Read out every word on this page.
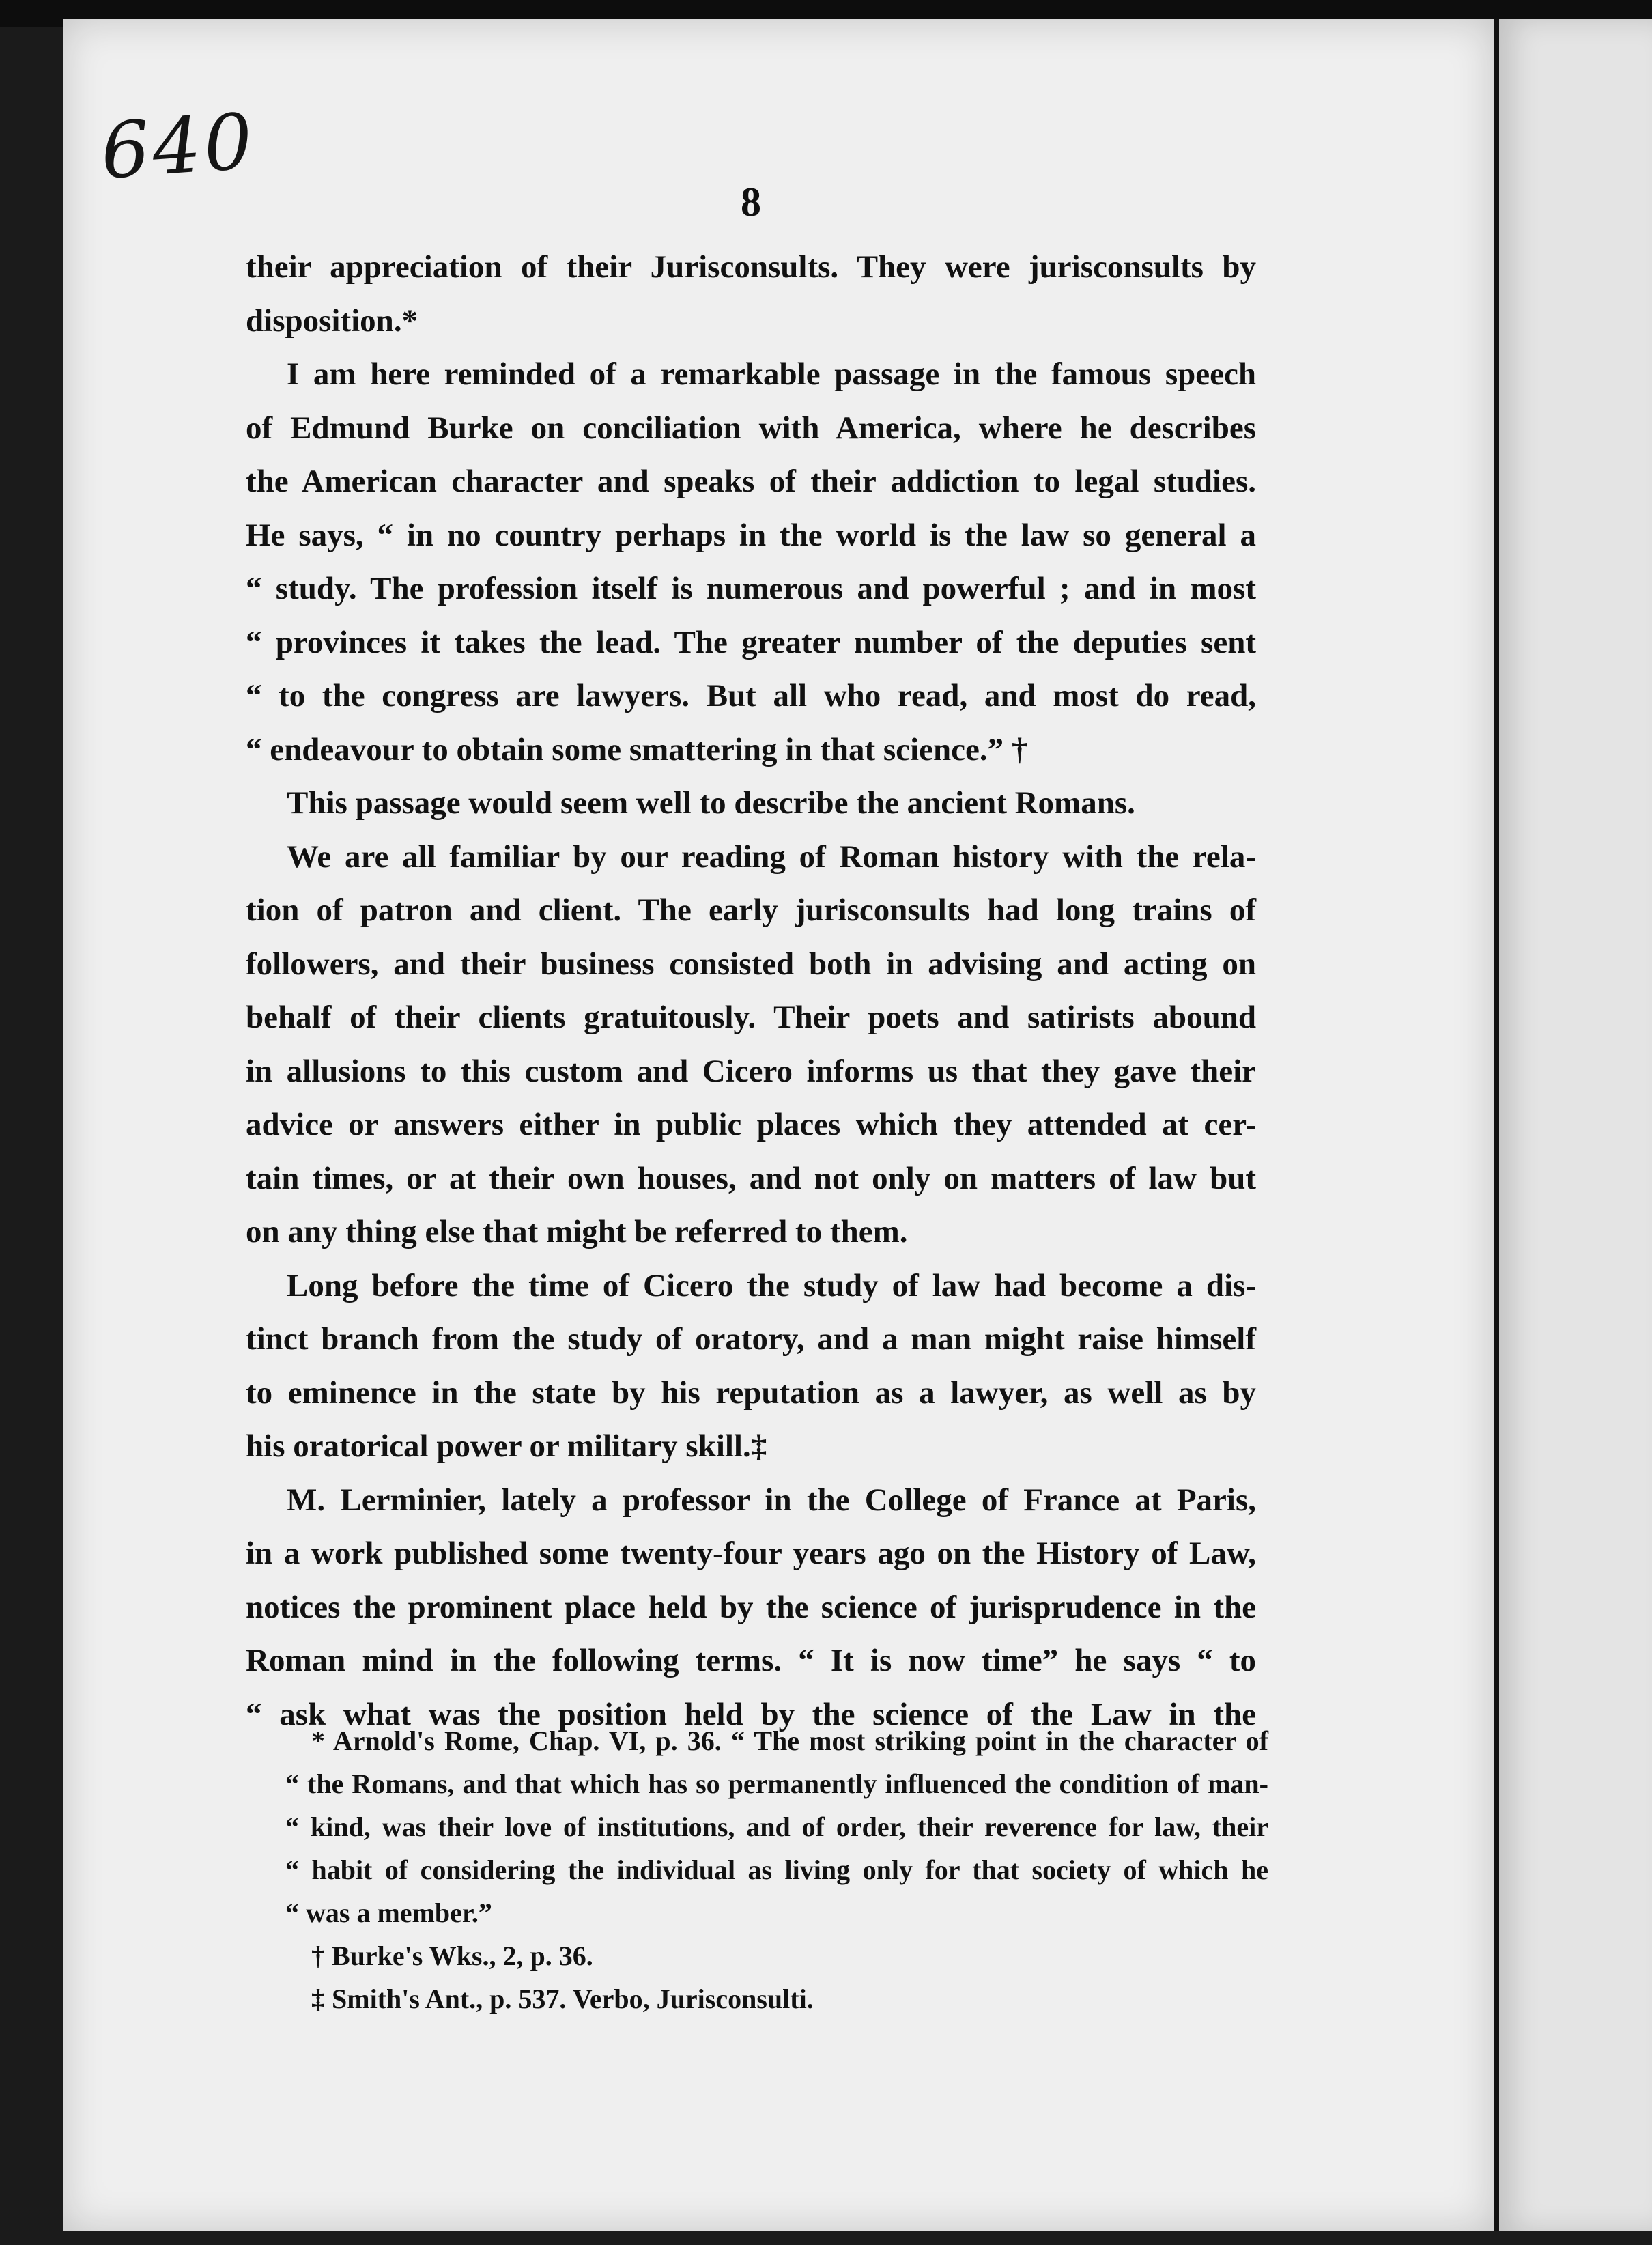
640
8
their appreciation of their Jurisconsults. They were jurisconsults by
disposition.*
I am here reminded of a remarkable passage in the famous speech
of Edmund Burke on conciliation with America, where he describes
the American character and speaks of their addiction to legal studies.
He says, “ in no country perhaps in the world is the law so general a
“ study. The profession itself is numerous and powerful ; and in most
“ provinces it takes the lead. The greater number of the deputies sent
“ to the congress are lawyers. But all who read, and most do read,
“ endeavour to obtain some smattering in that science.” †
This passage would seem well to describe the ancient Romans.
We are all familiar by our reading of Roman history with the rela-
tion of patron and client. The early jurisconsults had long trains of
followers, and their business consisted both in advising and acting on
behalf of their clients gratuitously. Their poets and satirists abound
in allusions to this custom and Cicero informs us that they gave their
advice or answers either in public places which they attended at cer-
tain times, or at their own houses, and not only on matters of law but
on any thing else that might be referred to them.
Long before the time of Cicero the study of law had become a dis-
tinct branch from the study of oratory, and a man might raise himself
to eminence in the state by his reputation as a lawyer, as well as by
his oratorical power or military skill.‡
M. Lerminier, lately a professor in the College of France at Paris,
in a work published some twenty-four years ago on the History of Law,
notices the prominent place held by the science of jurisprudence in the
Roman mind in the following terms. “ It is now time” he says “ to
“ ask what was the position held by the science of the Law in the
* Arnold's Rome, Chap. VI, p. 36. “ The most striking point in the character of
“ the Romans, and that which has so permanently influenced the condition of man-
“ kind, was their love of institutions, and of order, their reverence for law, their
“ habit of considering the individual as living only for that society of which he
“ was a member.”
† Burke's Wks., 2, p. 36.
‡ Smith's Ant., p. 537. Verbo, Jurisconsulti.
